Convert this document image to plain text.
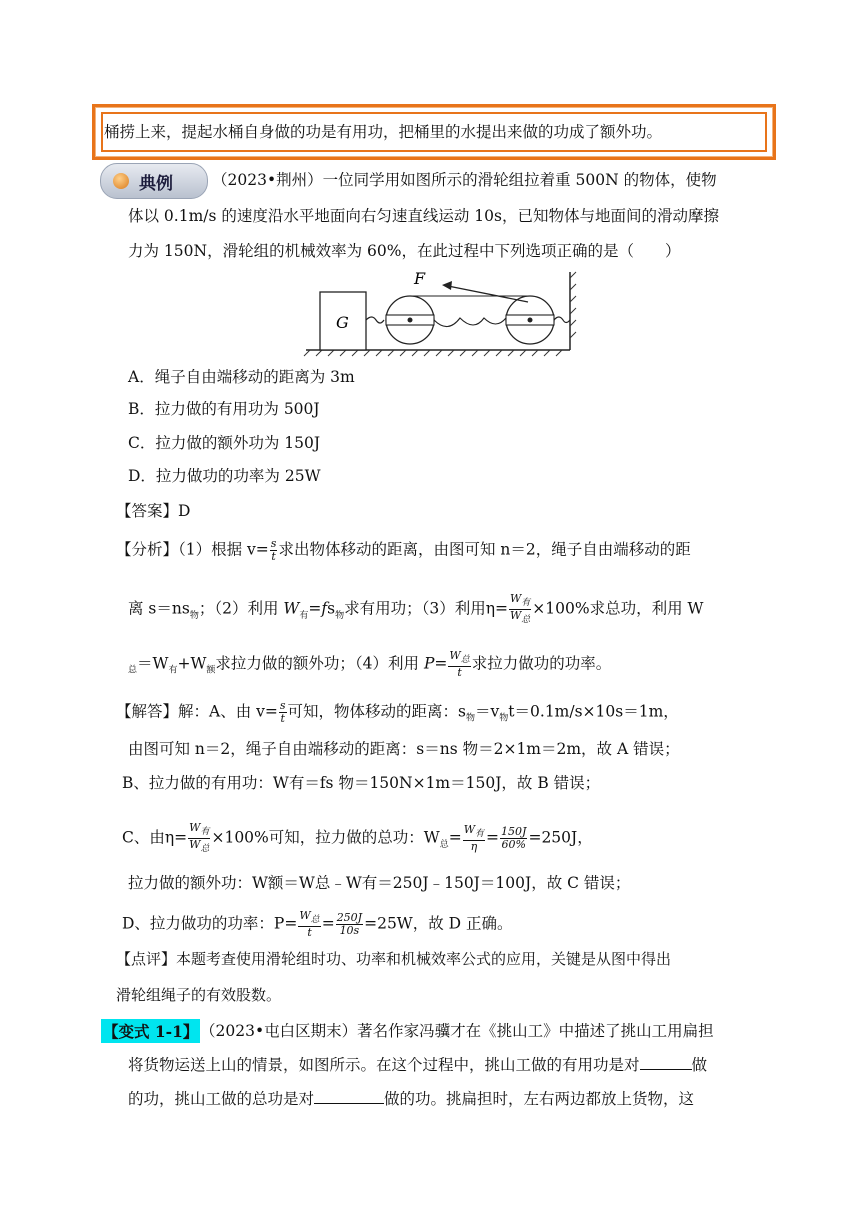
桶捞上来，提起水桶自身做的功是有用功，把桶里的水提出来做的功成了额外功。
典例	（2023•荆州）一位同学用如图所示的滑轮组拉着重 500N 的物体，使物
体以 0.1m/s 的速度沿水平地面向右匀速直线运动 10s，已知物体与地面间的滑动摩擦
力为 150N，滑轮组的机械效率为 60%，在此过程中下列选项正确的是（　　）
G
F
A．绳子自由端移动的距离为 3m
B．拉力做的有用功为 500J
C．拉力做的额外功为 150J
D．拉力做功的功率为 25W
【答案】D
【分析】（1）根据 $v= \frac{s}{t}$ 求出物体移动的距离，由图可知 n＝2，绳子自由端移动的距
离 $s=ns_物$；（2）利用 $W_有=fs_物$求有用功；（3）利用$\eta= \frac{W_有}{W_总} \times 100\%$求总功，利用 W
$_总=W_有+W_额$求拉力做的额外功；（4）利用 $P= \frac{W_总}{t}$ 求拉力做功的功率。
【解答】解：A、由 $v= \frac{s}{t}$ 可知，物体移动的距离：$s_物=v_物t=0.1m/s\times 10s=1m$，
由图可知 n＝2，绳子自由端移动的距离：s＝ns 物＝2×1m＝2m，故 A 错误；
B、拉力做的有用功：W有＝fs 物＝150N×1m＝150J，故 B 错误；
C、由$\eta= \frac{W_有}{W_总} \times 100\%$可知，拉力做的总功：$W_总= \frac{W_有}{\eta} = \frac{150J}{60\%} =250J$，
拉力做的额外功：W额＝W总﹣W有＝250J﹣150J＝100J，故 C 错误；
D、拉力做功的功率：$P= \frac{W_总}{t} = \frac{250J}{10s} =25W$，故 D 正确。
【点评】本题考查使用滑轮组时功、功率和机械效率公式的应用，关键是从图中得出
滑轮组绳子的有效股数。
【变式 1-1】 （2023•屯白区期末）著名作家冯骥才在《挑山工》中描述了挑山工用扁担
将货物运送上山的情景，如图所示。在这个过程中，挑山工做的有用功是对	做
的功，挑山工做的总功是对	做的功。挑扁担时，左右两边都放上货物，这
